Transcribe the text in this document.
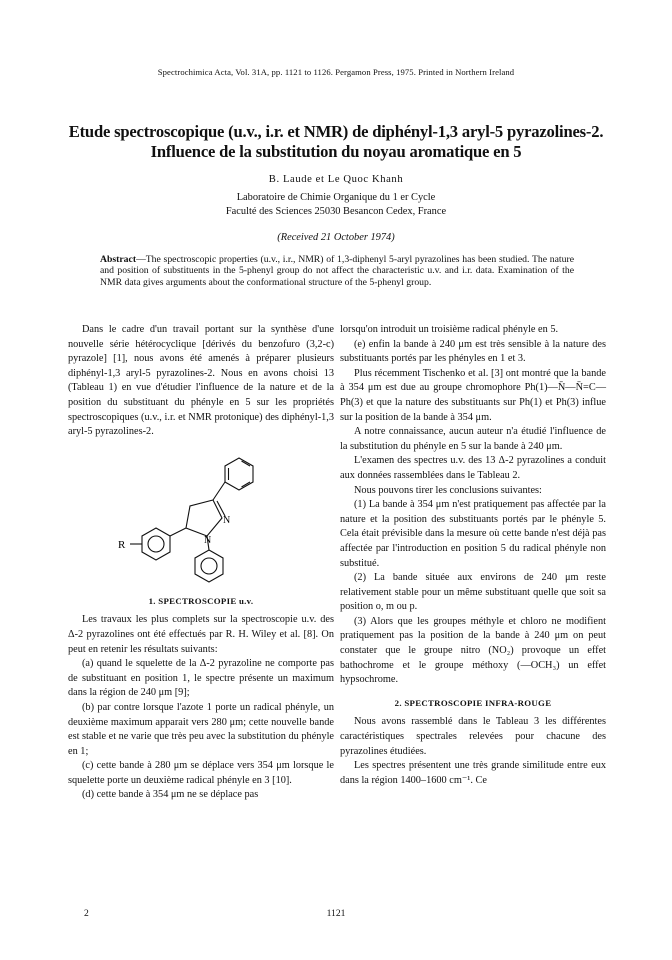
Spectrochimica Acta, Vol. 31A, pp. 1121 to 1126. Pergamon Press, 1975. Printed in Northern Ireland
Etude spectroscopique (u.v., i.r. et NMR) de diphényl-1,3 aryl-5 pyrazolines-2. Influence de la substitution du noyau aromatique en 5
B. Laude et Le Quoc Khanh
Laboratoire de Chimie Organique du 1 er Cycle
Faculté des Sciences 25030 Besancon Cedex, France
(Received 21 October 1974)
Abstract—The spectroscopic properties (u.v., i.r., NMR) of 1,3-diphenyl 5-aryl pyrazolines has been studied. The nature and position of substituents in the 5-phenyl group do not affect the characteristic u.v. and i.r. data. Examination of the NMR data gives arguments about the conformational structure of the 5-phenyl group.

Dans le cadre d'un travail portant sur la synthèse d'une nouvelle série hétérocyclique [dérivés du benzofuro (3,2-c) pyrazole] [1], nous avons été amenés à préparer plusieurs diphényl-1,3 aryl-5 pyrazolines-2. Nous en avons choisi 13 (Tableau 1) en vue d'étudier l'influence de la nature et de la position du substituant du phényle en 5 sur les propriétés spectroscopiques (u.v., i.r. et NMR protonique) des diphényl-1,3 aryl-5 pyrazolines-2.

R
N
N

1. SPECTROSCOPIE u.v.

Les travaux les plus complets sur la spectroscopie u.v. des Δ-2 pyrazolines ont été effectués par R. H. Wiley et al. [8]. On peut en retenir les résultats suivants:

(a) quand le squelette de la Δ-2 pyrazoline ne comporte pas de substituant en position 1, le spectre présente un maximum dans la région de 240 μm [9];

(b) par contre lorsque l'azote 1 porte un radical phényle, un deuxième maximum apparait vers 280 μm; cette nouvelle bande est stable et ne varie que très peu avec la substitution du phényle en 1;

(c) cette bande à 280 μm se déplace vers 354 μm lorsque le squelette porte un deuxième radical phényle en 3 [10].

(d) cette bande à 354 μm ne se déplace pas

lorsqu'on introduit un troisième radical phényle en 5.

(e) enfin la bande à 240 μm est très sensible à la nature des substituants portés par les phényles en 1 et 3.

Plus récemment Tischenko et al. [3] ont montré que la bande à 354 μm est due au groupe chromophore Ph(1)—N̄—N̄=C—Ph(3) et que la nature des substituants sur Ph(1) et Ph(3) influe sur la position de la bande à 354 μm.

A notre connaissance, aucun auteur n'a étudié l'influence de la substitution du phényle en 5 sur la bande à 240 μm.

L'examen des spectres u.v. des 13 Δ-2 pyrazolines a conduit aux données rassemblées dans le Tableau 2.

Nous pouvons tirer les conclusions suivantes:

(1) La bande à 354 μm n'est pratiquement pas affectée par la nature et la position des substituants portés par le phényle 5. Cela était prévisible dans la mesure où cette bande n'est déjà pas affectée par l'introduction en position 5 du radical phényle non substitué.

(2) La bande située aux environs de 240 μm reste relativement stable pour un même substituant quelle que soit sa position o, m ou p.

(3) Alors que les groupes méthyle et chloro ne modifient pratiquement pas la position de la bande à 240 μm on peut constater que le groupe nitro (NO₂) provoque un effet bathochrome et le groupe méthoxy (—OCH₃) un effet hypsochrome.

2. SPECTROSCOPIE INFRA-ROUGE

Nous avons rassemblé dans le Tableau 3 les différentes caractéristiques spectrales relevées pour chacune des pyrazolines étudiées.

Les spectres présentent une très grande similitude entre eux dans la région 1400–1600 cm⁻¹. Ce

2	1121
